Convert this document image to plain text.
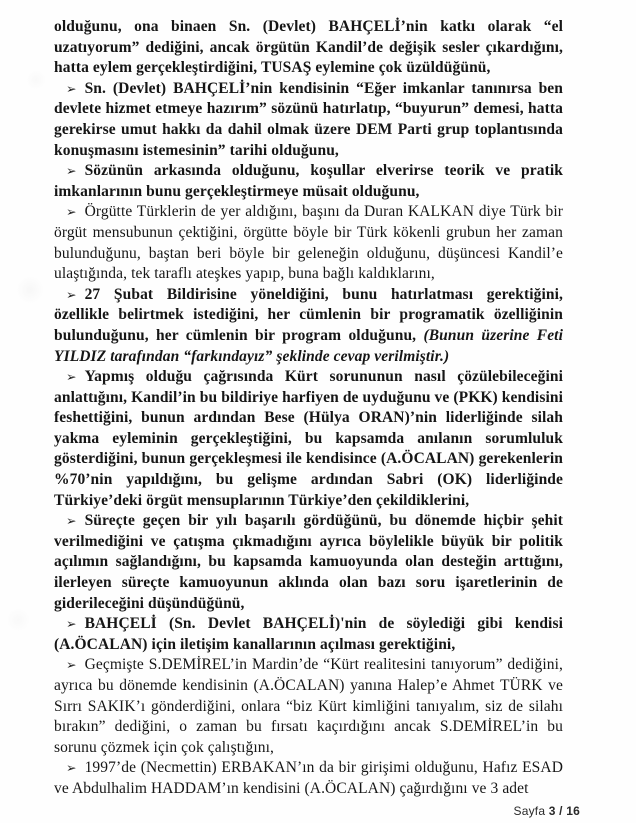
olduğunu, ona binaen Sn. (Devlet) BAHÇELİ’nin katkı olarak “el uzatıyorum” dediğini, ancak örgütün Kandil’de değişik sesler çıkardığını, hatta eylem gerçekleştirdiğini, TUSAŞ eylemine çok üzüldüğünü,

➢ Sn. (Devlet) BAHÇELİ’nin kendisinin “Eğer imkanlar tanınırsa ben devlete hizmet etmeye hazırım” sözünü hatırlatıp, “buyurun” demesi, hatta gerekirse umut hakkı da dahil olmak üzere DEM Parti grup toplantısında konuşmasını istemesinin” tarihi olduğunu,

➢ Sözünün arkasında olduğunu, koşullar elverirse teorik ve pratik imkanlarının bunu gerçekleştirmeye müsait olduğunu,

➢ Örgütte Türklerin de yer aldığını, başını da Duran KALKAN diye Türk bir örgüt mensubunun çektiğini, örgütte böyle bir Türk kökenli grubun her zaman bulunduğunu, baştan beri böyle bir geleneğin olduğunu, düşüncesi Kandil’e ulaştığında, tek taraflı ateşkes yapıp, buna bağlı kaldıklarını,

➢ 27 Şubat Bildirisine yöneldiğini, bunu hatırlatması gerektiğini, özellikle belirtmek istediğini, her cümlenin bir programatik özelliğinin bulunduğunu, her cümlenin bir program olduğunu, (Bunun üzerine Feti YILDIZ tarafından “farkındayız” şeklinde cevap verilmiştir.)

➢ Yapmış olduğu çağrısında Kürt sorununun nasıl çözülebileceğini anlattığını, Kandil’in bu bildiriye harfiyen de uyduğunu ve (PKK) kendisini feshettiğini, bunun ardından Bese (Hülya ORAN)’nin liderliğinde silah yakma eyleminin gerçekleştiğini, bu kapsamda anılanın sorumluluk gösterdiğini, bunun gerçekleşmesi ile kendisince (A.ÖCALAN) gerekenlerin %70’nin yapıldığını, bu gelişme ardından Sabri (OK) liderliğinde Türkiye’deki örgüt mensuplarının Türkiye’den çekildiklerini,

➢ Süreçte geçen bir yılı başarılı gördüğünü, bu dönemde hiçbir şehit verilmediğini ve çatışma çıkmadığını ayrıca böylelikle büyük bir politik açılımın sağlandığını, bu kapsamda kamuoyunda olan desteğin arttığını, ilerleyen süreçte kamuoyunun aklında olan bazı soru işaretlerinin de giderileceğini düşündüğünü,

➢ BAHÇELİ (Sn. Devlet BAHÇELİ)'nin de söylediği gibi kendisi (A.ÖCALAN) için iletişim kanallarının açılması gerektiğini,

➢ Geçmişte S.DEMİREL’in Mardin’de “Kürt realitesini tanıyorum” dediğini, ayrıca bu dönemde kendisinin (A.ÖCALAN) yanına Halep’e Ahmet TÜRK ve Sırrı SAKIK’ı gönderdiğini, onlara “biz Kürt kimliğini tanıyalım, siz de silahı bırakın” dediğini, o zaman bu fırsatı kaçırdığını ancak S.DEMİREL’in bu sorunu çözmek için çok çalıştığını,

➢ 1997’de (Necmettin) ERBAKAN’ın da bir girişimi olduğunu, Hafız ESAD ve Abdulhalim HADDAM’ın kendisini (A.ÖCALAN) çağırdığını ve 3 adet

Sayfa 3 / 16
